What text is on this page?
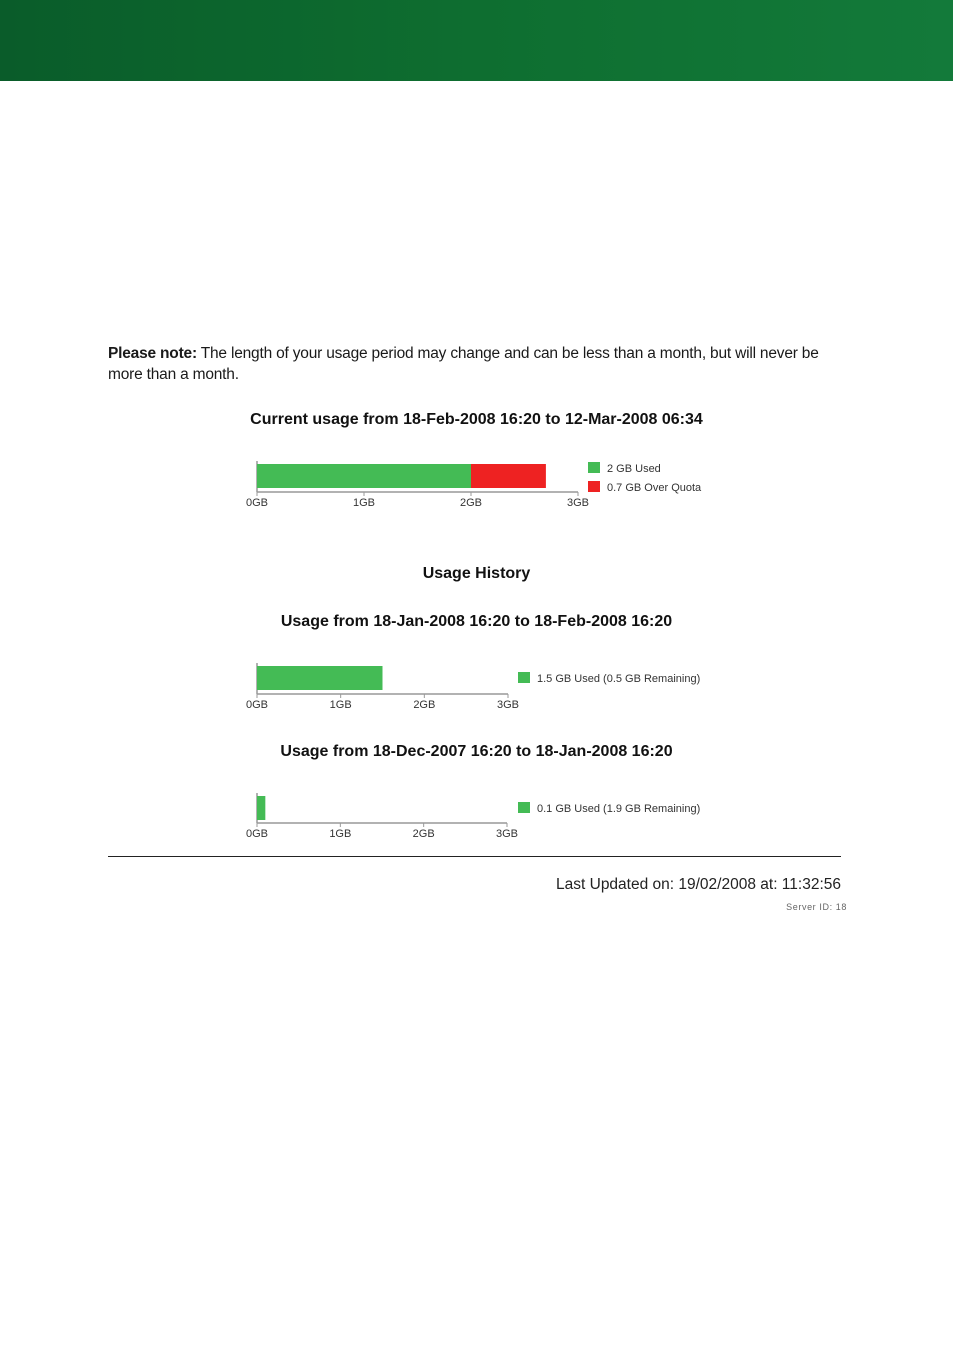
Please note: The length of your usage period may change and can be less than a month, but will never be more than a month.
Current usage from 18-Feb-2008 16:20 to 12-Mar-2008 06:34
Usage History
Usage from 18-Jan-2008 16:20 to 18-Feb-2008 16:20
Usage from 18-Dec-2007 16:20 to 18-Jan-2008 16:20
0GB	1GB	2GB	3GB
2 GB Used
0.7 GB Over Quota
0GB	1GB	2GB	3GB
1.5 GB Used (0.5 GB Remaining)
0GB	1GB	2GB	3GB
0.1 GB Used (1.9 GB Remaining)
Last Updated on: 19/02/2008 at: 11:32:56
Server ID: 18
